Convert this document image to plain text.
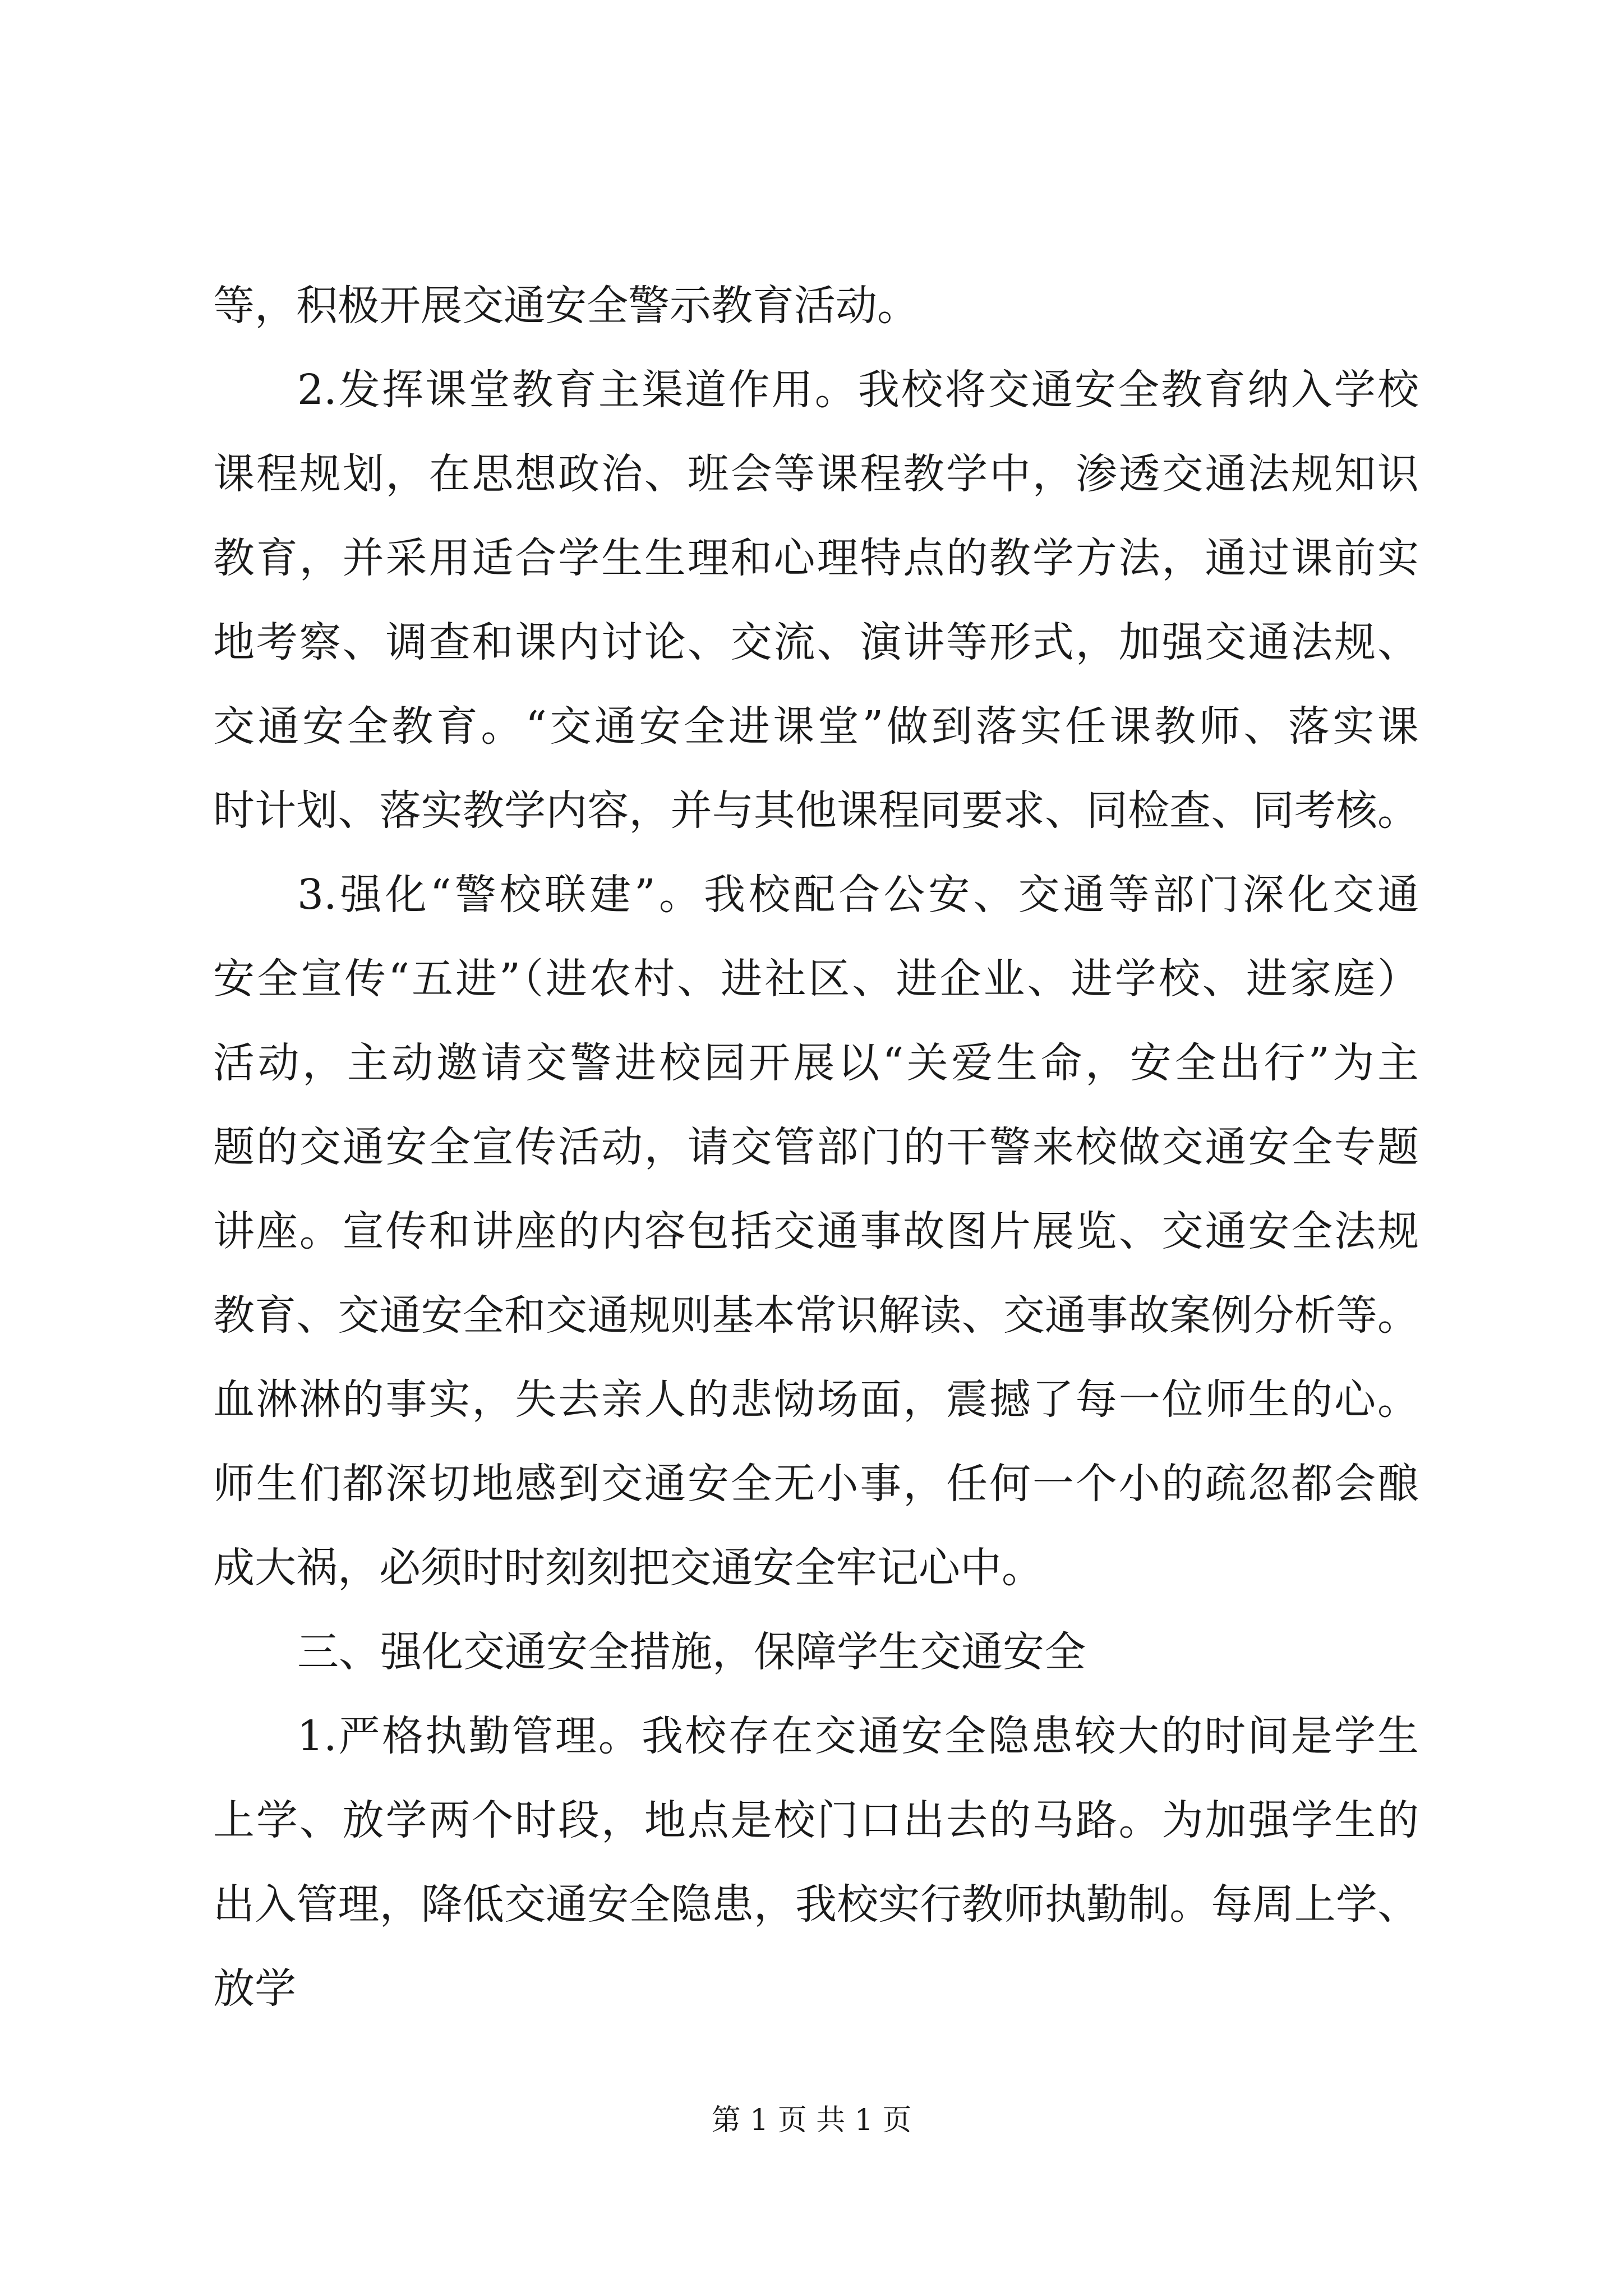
等，积极开展交通安全警示教育活动。
2.发挥课堂教育主渠道作用。我校将交通安全教育纳入学校
课程规划，在思想政治、班会等课程教学中，渗透交通法规知识
教育，并采用适合学生生理和心理特点的教学方法，通过课前实
地考察、调查和课内讨论、交流、演讲等形式，加强交通法规、
交通安全教育。“交通安全进课堂”做到落实任课教师、落实课
时计划、落实教学内容，并与其他课程同要求、同检查、同考核。
3.强化“警校联建”。我校配合公安、交通等部门深化交通
安全宣传“五进”（进农村、进社区、进企业、进学校、进家庭）
活动，主动邀请交警进校园开展以“关爱生命，安全出行”为主
题的交通安全宣传活动，请交管部门的干警来校做交通安全专题
讲座。宣传和讲座的内容包括交通事故图片展览、交通安全法规
教育、交通安全和交通规则基本常识解读、交通事故案例分析等。
血淋淋的事实，失去亲人的悲恸场面，震撼了每一位师生的心。
师生们都深切地感到交通安全无小事，任何一个小的疏忽都会酿
成大祸，必须时时刻刻把交通安全牢记心中。
三、强化交通安全措施，保障学生交通安全
1.严格执勤管理。我校存在交通安全隐患较大的时间是学生
上学、放学两个时段，地点是校门口出去的马路。为加强学生的
出入管理，降低交通安全隐患，我校实行教师执勤制。每周上学、
放学
第 1 页 共 1 页
